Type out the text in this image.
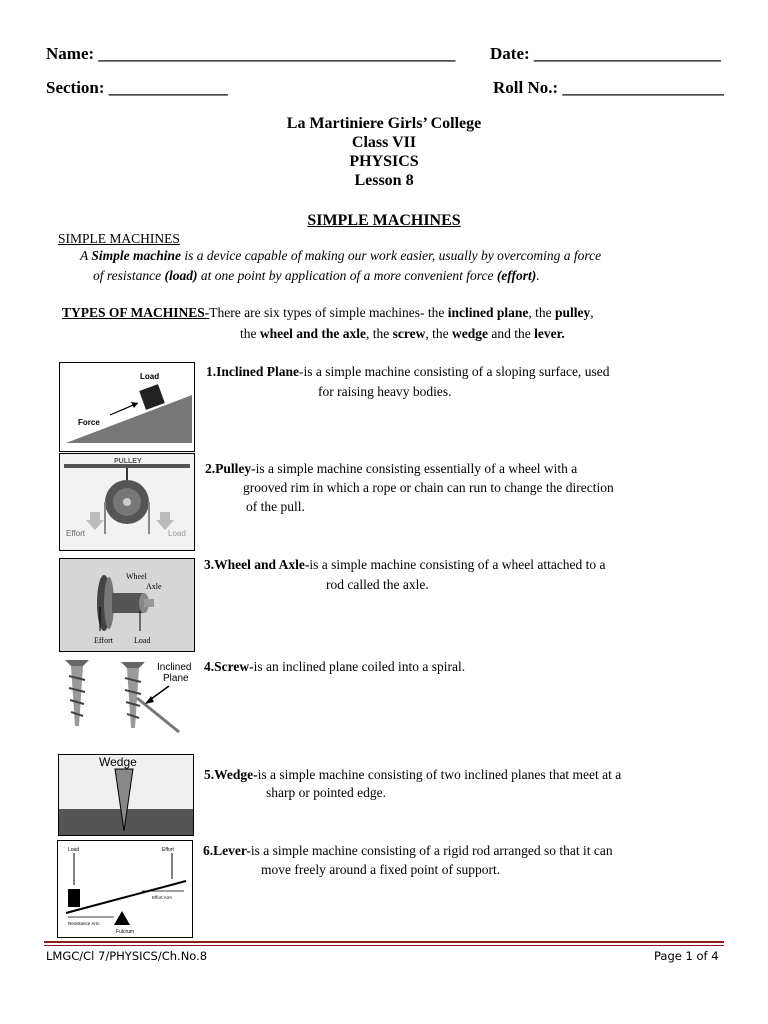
Name: __________________________________________ Date: ______________________
Section: ______________	Roll No.: ___________________
La Martiniere Girls’ College
Class VII
PHYSICS
Lesson 8
SIMPLE MACHINES
SIMPLE MACHINES
A Simple machine is a device capable of making our work easier, usually by overcoming a force
of resistance (load) at one point by application of a more convenient force (effort).
TYPES OF MACHINES-There are six types of simple machines- the inclined plane, the pulley,
the wheel and the axle, the screw, the wedge and the lever.
Load
Force
1.Inclined Plane-is a simple machine consisting of a sloping surface, used
for raising heavy bodies.
PULLEY
Effort	Load
2.Pulley-is a simple machine consisting essentially of a wheel with a
grooved rim in which a rope or chain can run to change the direction
of the pull.
Wheel
Axle
Effort	Load
3.Wheel and Axle-is a simple machine consisting of a wheel attached to a
rod called the axle.
Inclined
Plane
4.Screw-is an inclined plane coiled into a spiral.
Wedge
5.Wedge-is a simple machine consisting of two inclined planes that meet at a
sharp or pointed edge.
Load	Effort
Effort Arm
Resistance Arm
Fulcrum
6.Lever-is a simple machine consisting of a rigid rod arranged so that it can
move freely around a fixed point of support.
LMGC/Cl 7/PHYSICS/Ch.No.8	Page 1 of 4
